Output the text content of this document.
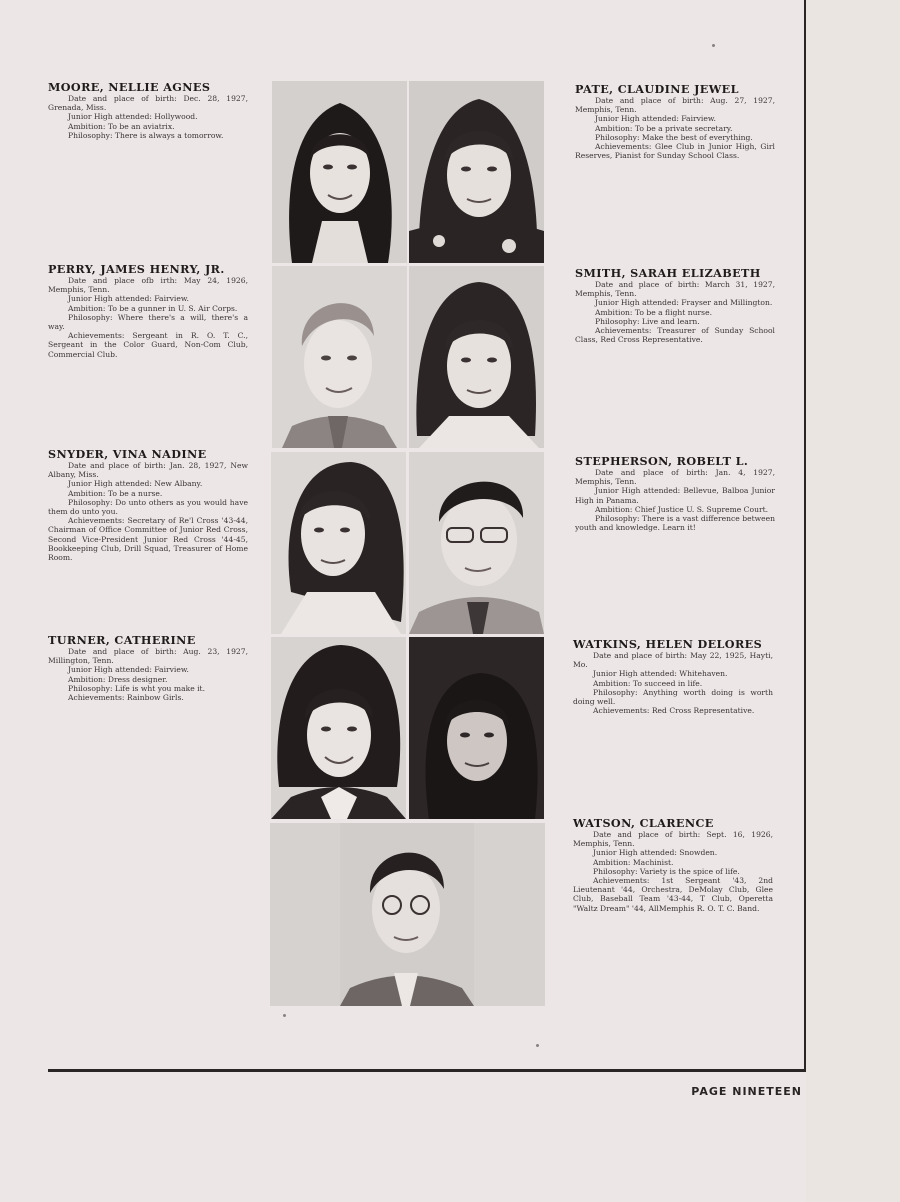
MOORE, NELLIE AGNES

Date and place of birth: Dec. 28, 1927, Grenada, Miss.

Junior High attended: Hollywood.

Ambition: To be an aviatrix.

Philosophy: There is always a tomorrow.

PERRY, JAMES HENRY, JR.

Date and place ofb irth: May 24, 1926, Memphis, Tenn.

Junior High attended: Fairview.

Ambition: To be a gunner in U. S. Air Corps.

Philosophy: Where there's a will, there's a way.

Achievements: Sergeant in R. O. T. C., Sergeant in the Color Guard, Non-Com Club, Commercial Club.

SNYDER, VINA NADINE

Date and place of birth: Jan. 28, 1927, New Albany, Miss.

Junior High attended: New Albany.

Ambition: To be a nurse.

Philosophy: Do unto others as you would have them do unto you.

Achievements: Secretary of Re'l Cross '43-44, Chairman of Office Committee of Junior Red Cross, Second Vice-President Junior Red Cross '44-45, Bookkeeping Club, Drill Squad, Treasurer of Home Room.

TURNER, CATHERINE

Date and place of birth: Aug. 23, 1927, Millington, Tenn.

Junior High attended: Fairview.

Ambition: Dress designer.

Philosophy: Life is wht you make it.

Achievements: Rainbow Girls.

PATE, CLAUDINE JEWEL

Date and place of birth: Aug. 27, 1927, Memphis, Tenn.

Junior High attended: Fairview.

Ambition: To be a private secretary.

Philosophy: Make the best of everything.

Achievements: Glee Club in Junior High, Girl Reserves, Pianist for Sunday School Class.

SMITH, SARAH ELIZABETH

Date and place of birth: March 31, 1927, Memphis, Tenn.

Junior High attended: Frayser and Millington.

Ambition: To be a flight nurse.

Philosophy: Live and learn.

Achievements: Treasurer of Sunday School Class, Red Cross Representative.

STEPHERSON, ROBELT L.

Date and place of birth: Jan. 4, 1927, Memphis, Tenn.

Junior High attended: Bellevue, Balboa Junior High in Panama.

Ambition: Chief Justice U. S. Supreme Court.

Philosophy: There is a vast difference between youth and knowledge. Learn it!

WATKINS, HELEN DELORES

Date and place of birth: May 22, 1925, Hayti, Mo.

Junior High attended: Whitehaven.

Ambition: To succeed in life.

Philosophy: Anything worth doing is worth doing well.

Achievements: Red Cross Representative.

WATSON, CLARENCE

Date and place of birth: Sept. 16, 1926, Memphis, Tenn.

Junior High attended: Snowden.

Ambition: Machinist.

Philosophy: Variety is the spice of life.

Achievements: 1st Sergeant '43, 2nd Lieutenant '44, Orchestra, DeMolay Club, Glee Club, Baseball Team '43-44, T Club, Operetta "Waltz Dream" '44, AllMemphis R. O. T. C. Band.

PAGE NINETEEN
